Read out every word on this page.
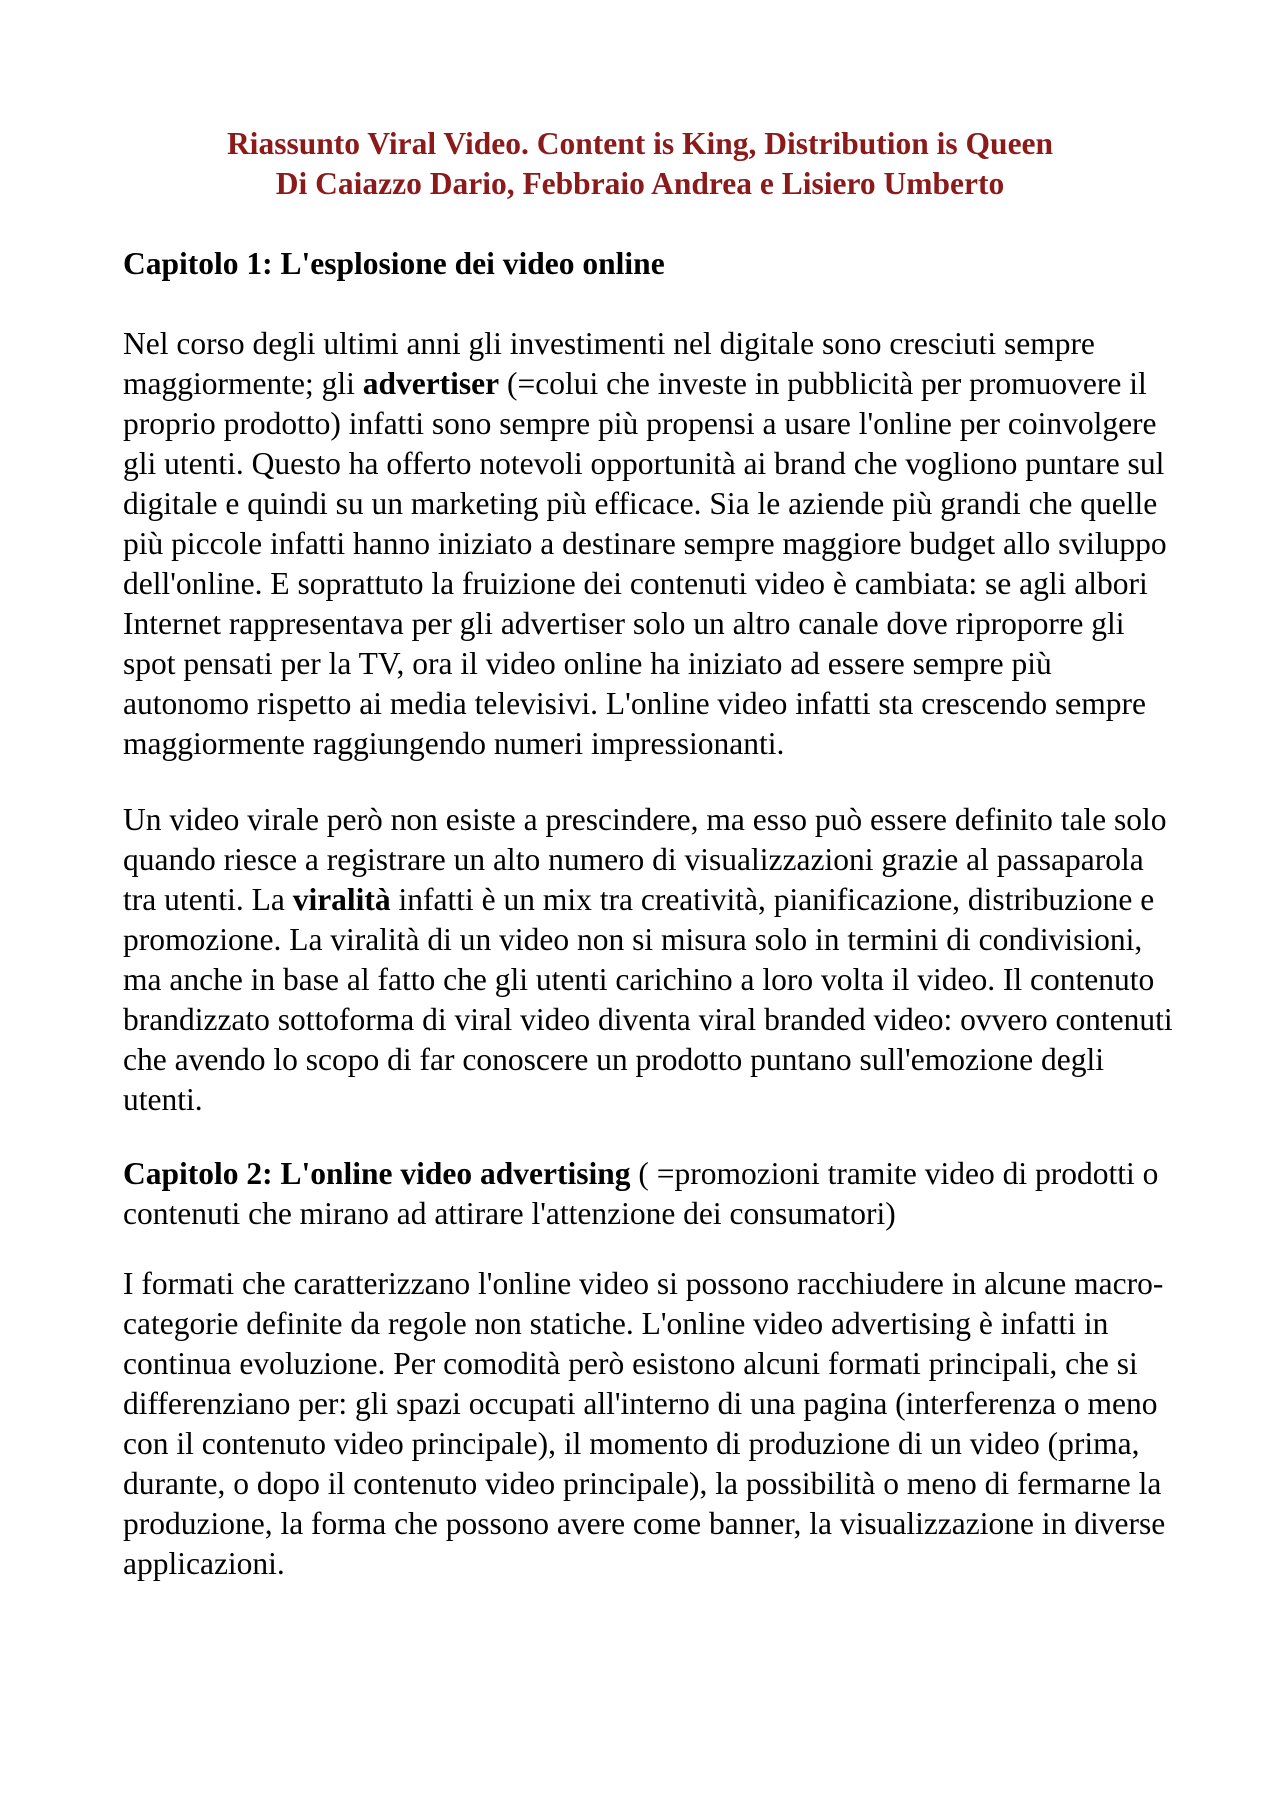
Riassunto Viral Video. Content is King, Distribution is Queen
Di Caiazzo Dario, Febbraio Andrea e Lisiero Umberto
Capitolo 1: L'esplosione dei video online

Nel corso degli ultimi anni gli investimenti nel digitale sono cresciuti sempre maggiormente; gli advertiser (=colui che investe in pubblicità per promuovere il proprio prodotto) infatti sono sempre più propensi a usare l'online per coinvolgere gli utenti. Questo ha offerto notevoli opportunità ai brand che vogliono puntare sul digitale e quindi su un marketing più efficace. Sia le aziende più grandi che quelle più piccole infatti hanno iniziato a destinare sempre maggiore budget allo sviluppo dell'online. E soprattuto la fruizione dei contenuti video è cambiata: se agli albori Internet rappresentava per gli advertiser solo un altro canale dove riproporre gli spot pensati per la TV, ora il video online ha iniziato ad essere sempre più autonomo rispetto ai media televisivi. L'online video infatti sta crescendo sempre maggiormente raggiungendo numeri impressionanti.

Un video virale però non esiste a prescindere, ma esso può essere definito tale solo quando riesce a registrare un alto numero di visualizzazioni grazie al passaparola tra utenti. La viralità infatti è un mix tra creatività, pianificazione, distribuzione e promozione. La viralità di un video non si misura solo in termini di condivisioni, ma anche in base al fatto che gli utenti carichino a loro volta il video. Il contenuto brandizzato sottoforma di viral video diventa viral branded video: ovvero contenuti che avendo lo scopo di far conoscere un prodotto puntano sull'emozione degli utenti.

Capitolo 2: L'online video advertising ( =promozioni tramite video di prodotti o contenuti che mirano ad attirare l'attenzione dei consumatori)

I formati che caratterizzano l'online video si possono racchiudere in alcune macro-categorie definite da regole non statiche. L'online video advertising è infatti in continua evoluzione. Per comodità però esistono alcuni formati principali, che si differenziano per: gli spazi occupati all'interno di una pagina (interferenza o meno con il contenuto video principale), il momento di produzione di un video (prima, durante, o dopo il contenuto video principale), la possibilità o meno di fermarne la produzione, la forma che possono avere come banner, la visualizzazione in diverse applicazioni.
